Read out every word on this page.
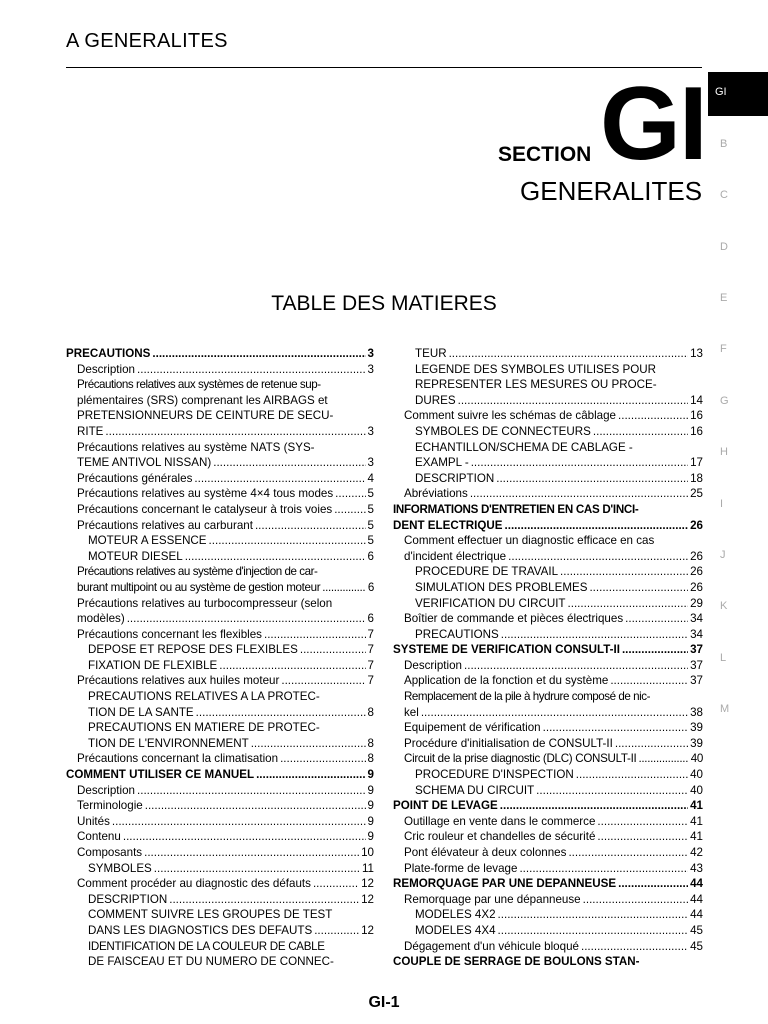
A GENERALITES
GI
B
C
D
E
F
G
H
I
J
K
L
M
SECTION GI
GENERALITES
TABLE DES MATIERES
PRECAUTIONS .....	3
Description .....	3
Précautions relatives aux systèmes de retenue sup-
plémentaires (SRS) comprenant les AIRBAGS et
PRETENSIONNEURS DE CEINTURE DE SECU-
RITE .....	3
Précautions relatives au système NATS (SYS-
TEME ANTIVOL NISSAN) .....	3
Précautions générales .....	4
Précautions relatives au système 4×4 tous modes .....	5
Précautions concernant le catalyseur à trois voies .....	5
Précautions relatives au carburant .....	5
MOTEUR A ESSENCE .....	5
MOTEUR DIESEL .....	6
Précautions relatives au système d'injection de car-
burant multipoint ou au système de gestion moteur .....	6
Précautions relatives au turbocompresseur (selon
modèles) .....	6
Précautions concernant les flexibles .....	7
DEPOSE ET REPOSE DES FLEXIBLES .....	7
FIXATION DE FLEXIBLE .....	7
Précautions relatives aux huiles moteur .....	7
PRECAUTIONS RELATIVES A LA PROTEC-
TION DE LA SANTE .....	8
PRECAUTIONS EN MATIERE DE PROTEC-
TION DE L'ENVIRONNEMENT .....	8
Précautions concernant la climatisation .....	8
COMMENT UTILISER CE MANUEL .....	9
Description .....	9
Terminologie .....	9
Unités .....	9
Contenu .....	9
Composants .....	10
SYMBOLES .....	11
Comment procéder au diagnostic des défauts .....	12
DESCRIPTION .....	12
COMMENT SUIVRE LES GROUPES DE TEST
DANS LES DIAGNOSTICS DES DEFAUTS .....	12
IDENTIFICATION DE LA COULEUR DE CABLE
DE FAISCEAU ET DU NUMERO DE CONNEC-
TEUR .....	13
LEGENDE DES SYMBOLES UTILISES POUR
REPRESENTER LES MESURES OU PROCE-
DURES .....	14
Comment suivre les schémas de câblage .....	16
SYMBOLES DE CONNECTEURS .....	16
ECHANTILLON/SCHEMA DE CABLAGE -
EXAMPL - .....	17
DESCRIPTION .....	18
Abréviations .....	25
INFORMATIONS D'ENTRETIEN EN CAS D'INCI-
DENT ELECTRIQUE .....	26
Comment effectuer un diagnostic efficace en cas
d'incident électrique .....	26
PROCEDURE DE TRAVAIL .....	26
SIMULATION DES PROBLEMES .....	26
VERIFICATION DU CIRCUIT .....	29
Boîtier de commande et pièces électriques .....	34
PRECAUTIONS .....	34
SYSTEME DE VERIFICATION CONSULT-II .....	37
Description .....	37
Application de la fonction et du système .....	37
Remplacement de la pile à hydrure composé de nic-
kel .....	38
Equipement de vérification .....	39
Procédure d'initialisation de CONSULT-II .....	39
Circuit de la prise diagnostic (DLC) CONSULT-II .....	40
PROCEDURE D'INSPECTION .....	40
SCHEMA DU CIRCUIT .....	40
POINT DE LEVAGE .....	41
Outillage en vente dans le commerce .....	41
Cric rouleur et chandelles de sécurité .....	41
Pont élévateur à deux colonnes .....	42
Plate-forme de levage .....	43
REMORQUAGE PAR UNE DEPANNEUSE .....	44
Remorquage par une dépanneuse .....	44
MODELES 4X2 .....	44
MODELES 4X4 .....	45
Dégagement d'un véhicule bloqué .....	45
COUPLE DE SERRAGE DE BOULONS STAN-
GI-1
